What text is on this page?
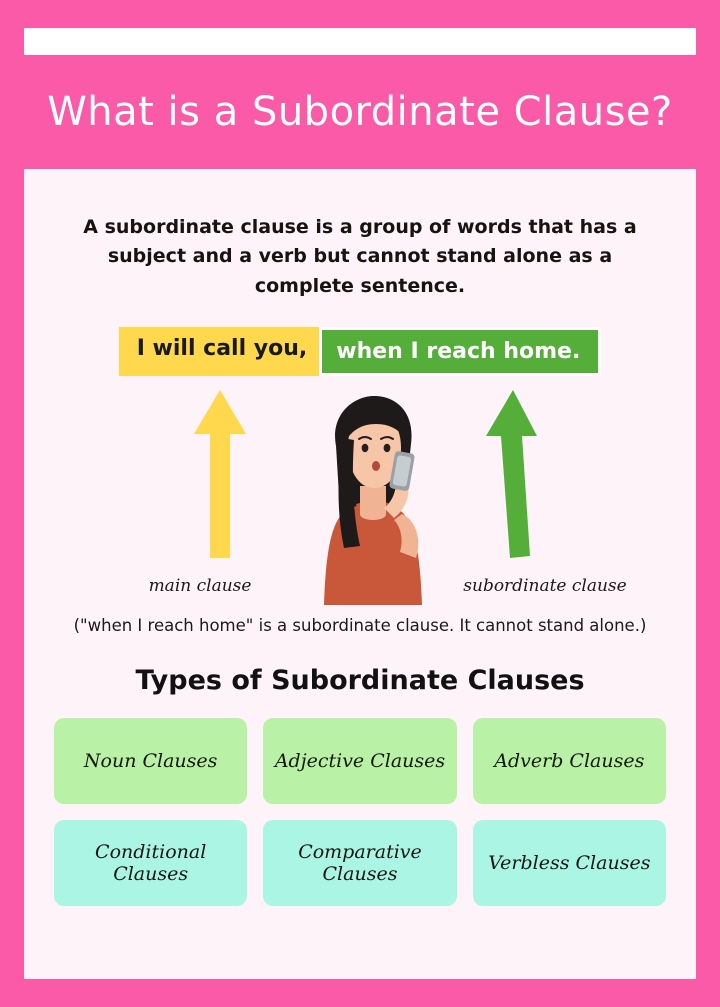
What is a Subordinate Clause?
A subordinate clause is a group of words that has a subject and a verb but cannot stand alone as a complete sentence.
I will call you,	when I reach home.
main clause	subordinate clause
("when I reach home" is a subordinate clause. It cannot stand alone.)
Types of Subordinate Clauses
Noun Clauses	Adjective Clauses	Adverb Clauses
Conditional Clauses
Comparative Clauses	Verbless Clauses
